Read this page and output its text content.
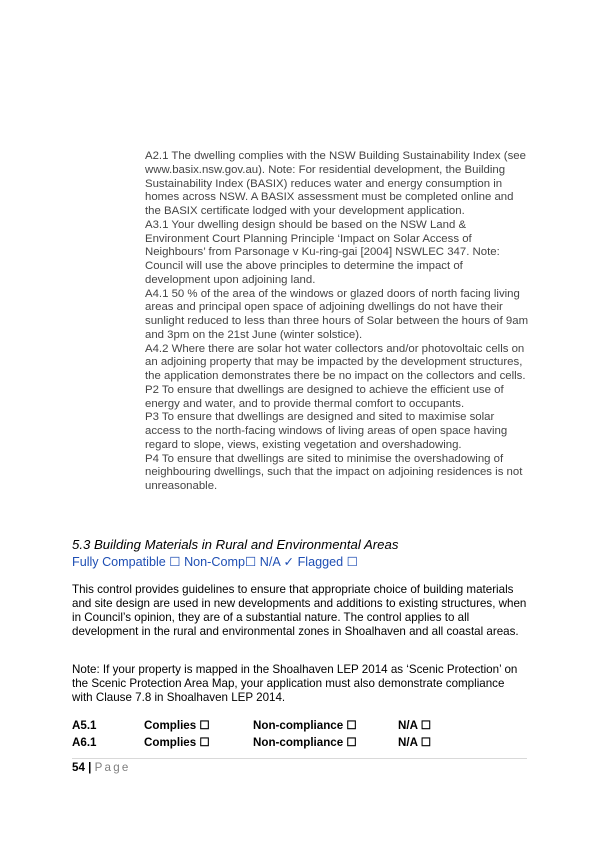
A2.1 The dwelling complies with the NSW Building Sustainability Index (see www.basix.nsw.gov.au). Note: For residential development, the Building Sustainability Index (BASIX) reduces water and energy consumption in homes across NSW. A BASIX assessment must be completed online and the BASIX certificate lodged with your development application.

A3.1 Your dwelling design should be based on the NSW Land & Environment Court Planning Principle ‘Impact on Solar Access of Neighbours’ from Parsonage v Ku-ring-gai [2004] NSWLEC 347. Note: Council will use the above principles to determine the impact of development upon adjoining land.

A4.1 50 % of the area of the windows or glazed doors of north facing living areas and principal open space of adjoining dwellings do not have their sunlight reduced to less than three hours of Solar between the hours of 9am and 3pm on the 21st June (winter solstice).

A4.2 Where there are solar hot water collectors and/or photovoltaic cells on an adjoining property that may be impacted by the development structures, the application demonstrates there be no impact on the collectors and cells.

P2 To ensure that dwellings are designed to achieve the efficient use of energy and water, and to provide thermal comfort to occupants.

P3 To ensure that dwellings are designed and sited to maximise solar access to the north-facing windows of living areas of open space having regard to slope, views, existing vegetation and overshadowing.

P4 To ensure that dwellings are sited to minimise the overshadowing of neighbouring dwellings, such that the impact on adjoining residences is not unreasonable.

5.3 Building Materials in Rural and Environmental Areas
Fully Compatible ☐ Non-Comp☐ N/A ✓ Flagged ☐

This control provides guidelines to ensure that appropriate choice of building materials and site design are used in new developments and additions to existing structures, when in Council’s opinion, they are of a substantial nature. The control applies to all development in the rural and environmental zones in Shoalhaven and all coastal areas.

Note: If your property is mapped in the Shoalhaven LEP 2014 as ‘Scenic Protection’ on the Scenic Protection Area Map, your application must also demonstrate compliance with Clause 7.8 in Shoalhaven LEP 2014.

A5.1	Complies ☐	Non-compliance ☐	N/A ☐
A6.1	Complies ☐	Non-compliance ☐	N/A ☐
54 | Page
